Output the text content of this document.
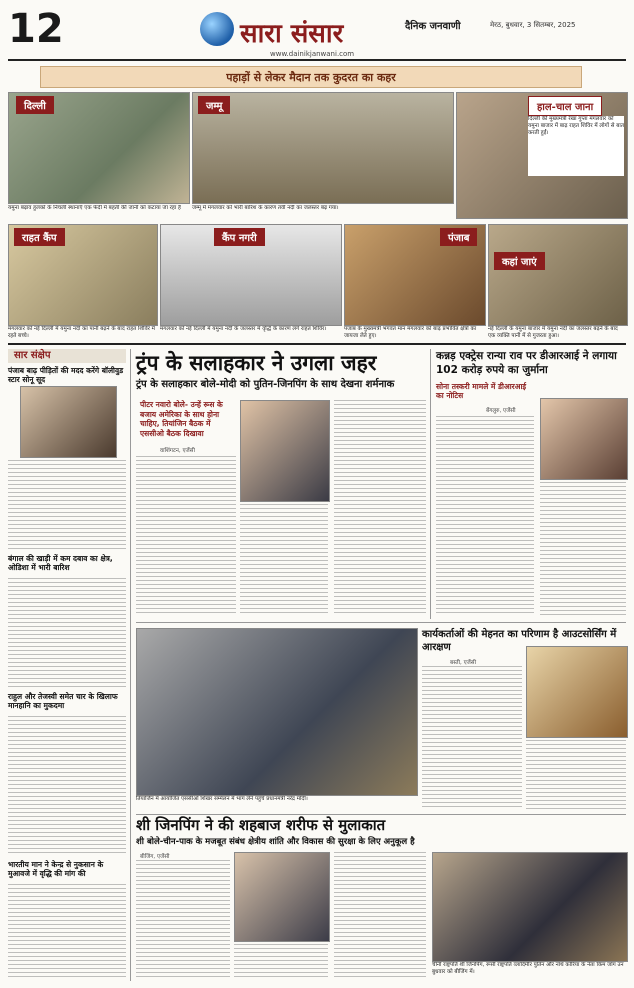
12	सारा संसार
www.dainikjanwani.com
दैनिक जनवाणी	मेरठ, बुधवार, 3 सितम्बर, 2025
पहाड़ों से लेकर मैदान तक कुदरत का कहर
दिल्ली
यमुना बढ़ाव हुलको के निचली स्थानाएँ एक फेंदी में बहती की जानी को कटाया जा रहा है
जम्मू
जम्मू में मंगलवार को भारी बारिश के कारण तवी नदी का जलस्तर बढ़ गया।
हाल-चाल जाना
दिल्ली की मुख्यमंत्री रेखा गुप्ता मंगलवार को यमुना बाजार में बाढ़ राहत शिविर में लोगों से बात करती हुईं।
राहत कैंप
मंगलवार को नई दिल्ली में यमुना नदी का पानी बढ़ने के बाद राहत शिविर में रहते बच्चे।
कैंप नगरी
मंगलवार को नई दिल्ली में यमुना नदी के जलस्तर में वृद्धि के कारण लगे राहत शिविर।
पंजाब
पंजाब के मुख्यमंत्री भगवंत मान मंगलवार को बाढ़ प्रभावित क्षेत्रों का जायजा लेते हुए।
कहां जाएं
नई दिल्ली के यमुना बाजार में यमुना नदी का जलस्तर बढ़ने के बाद एक व्यक्ति पानी में से गुजरता हुआ।
सार संक्षेप
पंजाब बाढ़ पीड़ितों की मदद करेंगे बॉलीवुड स्टार सोनू सूद
बंगाल की खाड़ी में कम दबाव का क्षेत्र, ओडिशा में भारी बारिश
राहुल और तेजस्वी समेत चार के खिलाफ मानहानि का मुकदमा
भारतीय मान ने केन्द्र से नुकसान के मुआवजे में वृद्धि की मांग की
ट्रंप के सलाहकार ने उगला जहर
ट्रंप के सलाहकार बोले-मोदी को पुतिन-जिनपिंग के साथ देखना शर्मनाक
पीटर नवारो बोले- उन्हें रूस के बजाय अमेरिका के साथ होना चाहिए, तियांजिन बैठक में एससीओ बैठक दिखावा
वाशिंगटन, एजेंसी
कन्नड़ एक्ट्रेस रान्या राव पर डीआरआई ने लगाया 102 करोड़ रुपये का जुर्माना
सोना तस्करी मामले में डीआरआई का नोटिस
बेंगलुरु, एजेंसी
तियांजिन में आयोजित एससीओ शिखर सम्मेलन में भाग लेने पहुंचे प्रधानमंत्री नरेंद्र मोदी।
कार्यकर्ताओं की मेहनत का परिणाम है आउटसोर्सिंग में आरक्षण
बस्ती, एजेंसी
शी जिनपिंग ने की शहबाज शरीफ से मुलाकात
शी बोले-चीन-पाक के मजबूत संबंध क्षेत्रीय शांति और विकास की सुरक्षा के लिए अनुकूल है
बीजिंग, एजेंसी
चीनी राष्ट्रपति शी जिनपिंग, रूसी राष्ट्रपति व्लादिमीर पुतिन और नॉर्थ कोरिया के नेता किम जोंग उन बुधवार को बीजिंग में।
